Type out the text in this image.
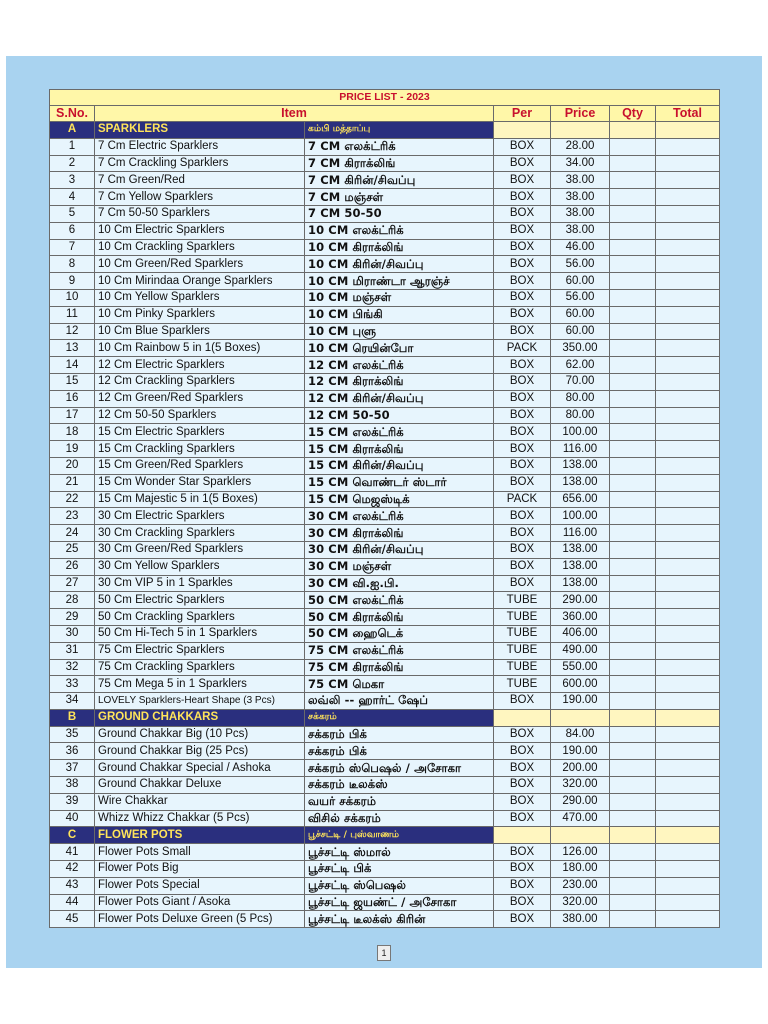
PRICE LIST - 2023						
S.No.	Item		Per	Price	Qty	Total
A	SPARKLERS	கம்பி மத்தாப்பு				
1	7 Cm Electric Sparklers	7 CM எலக்ட்ரிக்	BOX	28.00		
2	7 Cm Crackling Sparklers	7 CM கிராக்லிங்	BOX	34.00		
3	7 Cm Green/Red	7 CM கிரின்/சிவப்பு	BOX	38.00		
4	7 Cm Yellow Sparklers	7 CM மஞ்சள்	BOX	38.00		
5	7 Cm 50-50 Sparklers	7 CM 50-50	BOX	38.00		
6	10 Cm Electric Sparklers	10 CM எலக்ட்ரிக்	BOX	38.00		
7	10 Cm Crackling Sparklers	10 CM கிராக்லிங்	BOX	46.00		
8	10 Cm Green/Red Sparklers	10 CM கிரின்/சிவப்பு	BOX	56.00		
9	10 Cm Mirindaa Orange Sparklers	10 CM மிராண்டா ஆரஞ்ச்	BOX	60.00		
10	10 Cm Yellow Sparklers	10 CM மஞ்சள்	BOX	56.00		
11	10 Cm Pinky Sparklers	10 CM பிங்கி	BOX	60.00		
12	10 Cm Blue Sparklers	10 CM புளு	BOX	60.00		
13	10 Cm Rainbow 5 in 1(5 Boxes)	10 CM ரெயின்போ	PACK	350.00		
14	12 Cm Electric Sparklers	12 CM எலக்ட்ரிக்	BOX	62.00		
15	12 Cm Crackling Sparklers	12 CM கிராக்லிங்	BOX	70.00		
16	12 Cm Green/Red Sparklers	12 CM கிரின்/சிவப்பு	BOX	80.00		
17	12 Cm 50-50 Sparklers	12 CM 50-50	BOX	80.00		
18	15 Cm Electric Sparklers	15 CM எலக்ட்ரிக்	BOX	100.00		
19	15 Cm Crackling Sparklers	15 CM கிராக்லிங்	BOX	116.00		
20	15 Cm Green/Red Sparklers	15 CM கிரின்/சிவப்பு	BOX	138.00		
21	15 Cm Wonder Star Sparklers	15 CM வொண்டர் ஸ்டார்	BOX	138.00		
22	15 Cm Majestic 5 in 1(5 Boxes)	15 CM மெஜஸ்டிக்	PACK	656.00		
23	30 Cm Electric Sparklers	30 CM எலக்ட்ரிக்	BOX	100.00		
24	30 Cm Crackling Sparklers	30 CM கிராக்லிங்	BOX	116.00		
25	30 Cm Green/Red Sparklers	30 CM கிரின்/சிவப்பு	BOX	138.00		
26	30 Cm Yellow Sparklers	30 CM மஞ்சள்	BOX	138.00		
27	30 Cm VIP 5 in 1 Sparkles	30 CM வி.ஐ.பி.	BOX	138.00		
28	50 Cm Electric Sparklers	50 CM எலக்ட்ரிக்	TUBE	290.00		
29	50 Cm Crackling Sparklers	50 CM கிராக்லிங்	TUBE	360.00		
30	50 Cm Hi-Tech 5 in 1 Sparklers	50 CM ஹைடெக்	TUBE	406.00		
31	75 Cm Electric Sparklers	75 CM எலக்ட்ரிக்	TUBE	490.00		
32	75 Cm Crackling Sparklers	75 CM கிராக்லிங்	TUBE	550.00		
33	75 Cm Mega 5 in 1 Sparklers	75 CM மெகா	TUBE	600.00		
34	LOVELY Sparklers-Heart Shape (3 Pcs)	லவ்லி -- ஹார்ட் ஷேப்	BOX	190.00		
B	GROUND CHAKKARS	சக்கரம்				
35	Ground Chakkar Big (10 Pcs)	சக்கரம் பிக்	BOX	84.00		
36	Ground Chakkar Big (25 Pcs)	சக்கரம் பிக்	BOX	190.00		
37	Ground Chakkar Special / Ashoka	சக்கரம் ஸ்பெஷல் / அசோகா	BOX	200.00		
38	Ground Chakkar Deluxe	சக்கரம் டீலக்ஸ்	BOX	320.00		
39	Wire Chakkar	வயர் சக்கரம்	BOX	290.00		
40	Whizz Whizz Chakkar (5 Pcs)	விசில் சக்கரம்	BOX	470.00		
C	FLOWER POTS	பூச்சட்டி / புஸ்வாணம்				
41	Flower Pots Small	பூச்சட்டி ஸ்மால்	BOX	126.00		
42	Flower Pots Big	பூச்சட்டி பிக்	BOX	180.00		
43	Flower Pots Special	பூச்சட்டி ஸ்பெஷல்	BOX	230.00		
44	Flower Pots Giant / Asoka	பூச்சட்டி ஜயண்ட் / அசோகா	BOX	320.00		
45	Flower Pots Deluxe Green (5 Pcs)	பூச்சட்டி டீலக்ஸ் கிரின்	BOX	380.00		
1
